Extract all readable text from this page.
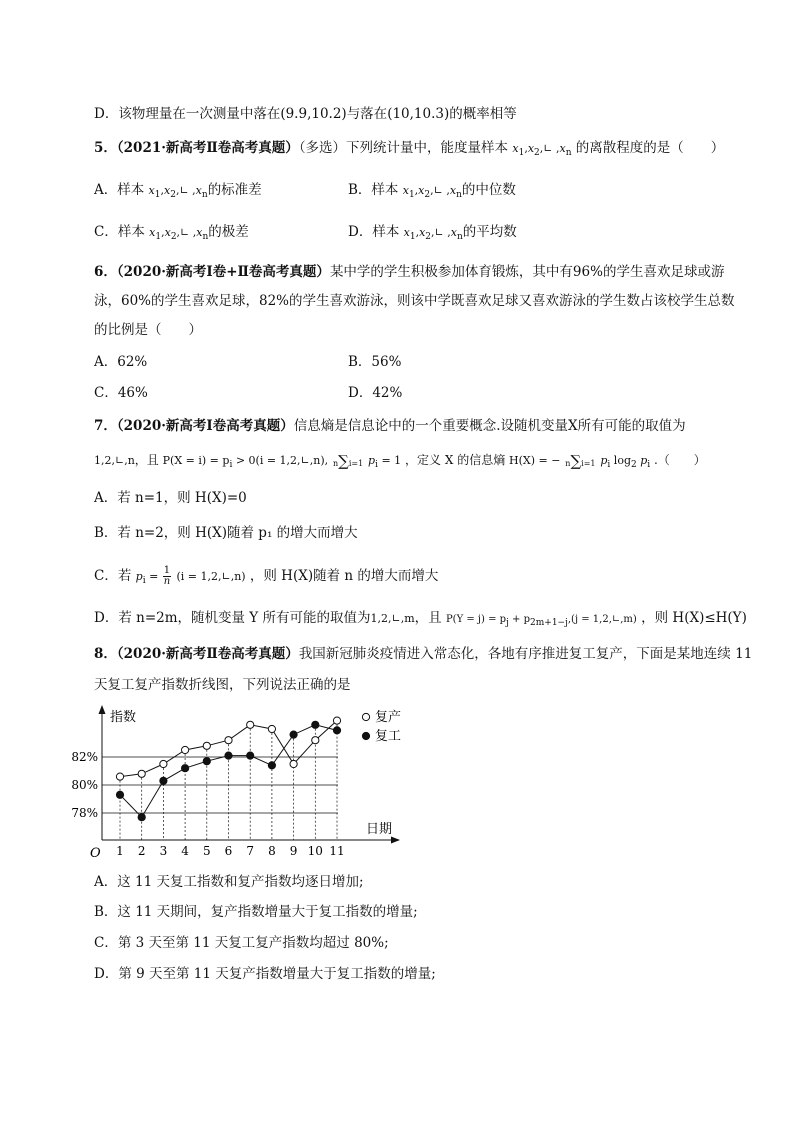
D．该物理量在一次测量中落在(9.9,10.2)与落在(10,10.3)的概率相等
5．（2021·新高考Ⅱ卷高考真题）（多选）下列统计量中，能度量样本 $x_1,x_2,∟$ $,x_n$ 的离散程度的是（　　）
A．样本 $x_1,x_2,∟$ $,x_n$的标准差	B．样本 $x_1,x_2,∟$ $,x_n$的中位数
C．样本 $x_1,x_2,∟$ $,x_n$的极差	D．样本 $x_1,x_2,∟$ $,x_n$的平均数
6．（2020·新高考Ⅰ卷+Ⅱ卷高考真题）某中学的学生积极参加体育锻炼，其中有96%的学生喜欢足球或游
泳，60%的学生喜欢足球，82%的学生喜欢游泳，则该中学既喜欢足球又喜欢游泳的学生数占该校学生总数
的比例是（　　）
A．62%	B．56%
C．46%	D．42%
7．（2020·新高考Ⅰ卷高考真题）信息熵是信息论中的一个重要概念.设随机变量X所有可能的取值为
1,2,∟,n，且 $P(X = i) = p_i > 0(i$ = 1,2,∟,n), n∑i=1 $p_i = 1$ ，定义 X 的信息熵 H(X) = − n∑i=1 $p_i$ $\log_2 p_i$ .（　　）
A．若 n=1，则 H(X)=0
B．若 n=2，则 H(X)随着 p₁ 的增大而增大
C．若 $p_i = \frac{1}{n} (i$ = 1,2,∟,n) ，则 H(X)随着 n 的增大而增大
D．若 n=2m，随机变量 Y 所有可能的取值为1,2,∟,m，且 $P(Y = j) = p_j + p_{2m+1-j},(j$ = 1,2,∟,m) ，则 H(X)≤H(Y)
8．（2020·新高考Ⅱ卷高考真题）我国新冠肺炎疫情进入常态化，各地有序推进复工复产，下面是某地连续 11
天复工复产指数折线图，下列说法正确的是
78%
80%
82%
1 2 3 4 5 6 7 8 9 10 11
O
指数
日期
复产
复工
A．这 11 天复工指数和复产指数均逐日增加;
B．这 11 天期间，复产指数增量大于复工指数的增量;
C．第 3 天至第 11 天复工复产指数均超过 80%;
D．第 9 天至第 11 天复产指数增量大于复工指数的增量;
